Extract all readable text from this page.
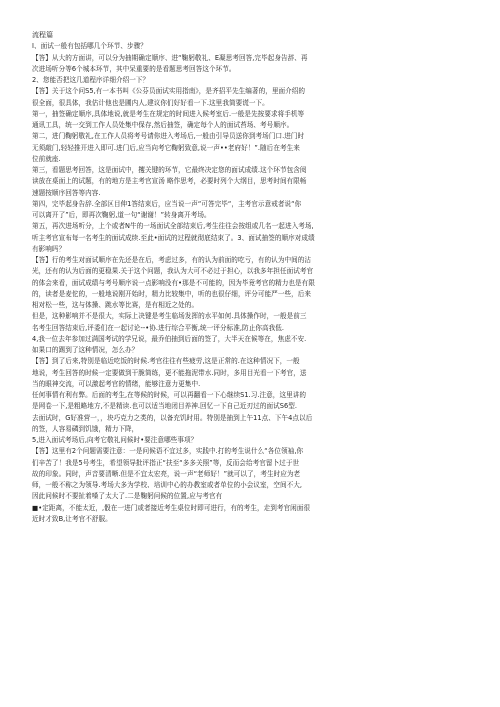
流程篇

I、面试一般有包括哪几个环节、步骤？

【答】从大的方面讲，可以分为抽期确定顺序、进“鞠躬敬礼、E凝思考回答,完毕起身告辞、再

次进场听分等6个城本环节，其中呆重要的是看题思考回答这个环节。

2、您能否把这几道程序详细介绍一下？

【答】关于这个问S5,有一本书叫《公芬员面试实用指南》，是齐招平先生编著的，里面介绍的

很全面，很具体，我估计他也是圃内人,建议你们好好看一下.这里我简要谎一下。

第一，抽签确定顺序,具体地说,就是考生在规定的时间进入候考室后.一般是先按要求将手机等

通讯工具，统一交到工作人员处集中保存,然后抽签，确定每个人的面试苔场、考号顺序。

第二，进门鞠躬敬礼,在工作人员将考号请你进入考场后,一般由引导员送你到考场门口.进门时

无须敲门,轻轻推开进入即可.进门后,应当向考它鞠躬致意,说一声••老府好！”.随后在考生来

位前就座.

第三，看题思考回答，这是面试中，攫关键的环节，它最终决定您的面试成绩.这个环节包含阅

读放在桌面上的试题，有的地方是主考官宣汤 略作思考，必要时列个大纲目，思考时间有限畅

速题按顺序回答等内容.

第四，完毕起身告辞.全部区目伸1答结束后，应当说一声“可答完毕“，主考官示意戒者说“你

可以离开了”后，即再次鞠躬,道一句“谢谢！”转身离开考场。

第五，再次进场听分，上个或者N牛的一场面试全部结束后,考生往往会按组或几名一起进入考场,

听主考官宣布每一名考生的面试成续.至此•面试的过程就彻底结束了。3、面试抽签的顺序对成绩

有影响吗？

【答】行的考生对面试顺序在先还是在后，考虑过多，有的认为前面的吃亏，有的认为中间的沾

光，还有的认为后面的更稳果.关于这个问题，我认为大可不必过于担心，以我多年担任面试考官

的体会来看，面试成绩与考号顺序说一点影响没有•那是不可能的，因为毕竟考官的精力也是有限

的，读者是麦佗的，一般地说刚开始时，精力比较集中，听的也很仔细，评分可能严一些，后来

相对松一些，这与体操、跳水等比赛，是有相近之处的。

但是，这种影响并不是很大，实际上决键是考生临场发挥的水平如何.具体操作时，一般是前三

名考生回答结束后,评委们在一起讨论--•协.进行综合平衡,统一评分标准,防止你高我低.

4,我一位去年参加过满国考试的学兄说，最乔伯抽到后面的签了，大半天在候等在，焦虑不安.

如果口的踢到了这种情况，怎么办？

【答】到了后来,特别是临近吃饭的时候.考官往往有些疲劳,这是正常的.在这种情况下，一般

地说，考生回答的时候一定要做到干脆简练，更不能拖泥带水.同时，多用目光看一下考官，送

当的眼神交流，可以激起考官的情绪，能够注意力更集中.

任何事情有利有弊。后面的考生,在等候的时候，可以再翻看一下心继续S1.习.注意，这里讲的

是网卷一下,是粗略地方,不是精读.也可以适当地闭目养神.回忆一下自己近刃过的面试S6型.

去面试时，G好准营一，，块巧克力之类的，以备充饥时用。特别是抽到上午11点、下午4点以后

的签，人容易磷到饥饿，精力下降，

5,进入面试考场后,向考它敬礼问候时•要注意哪些事项？

【答】这里有2个问题需要注意：一是问候语不宜过多，实践中.打的考生说什么“各位领袖,你

们辛苦了！我是5号考生，希望领导批评指正“扶至“多多关照”等，反而会给考官留卜过于世

故的印象。同时，声音要清晰.但是不宜太宏亮，说一声“老师好！”就可以了，考生时应为老

师，一般不称之为领导.考场大多为学校、培训中心的办教室或者单位的小会议室，空间不大,

因此问候时不要扯着嗓了太大了.二是鞠躬问候的位置,应与考官有

■•定距离，不能太近，,骰在一进门或者接近考生桌位时即可进行，有的考生，走到考官闲面很

近时才致B,让考官不舒服。
